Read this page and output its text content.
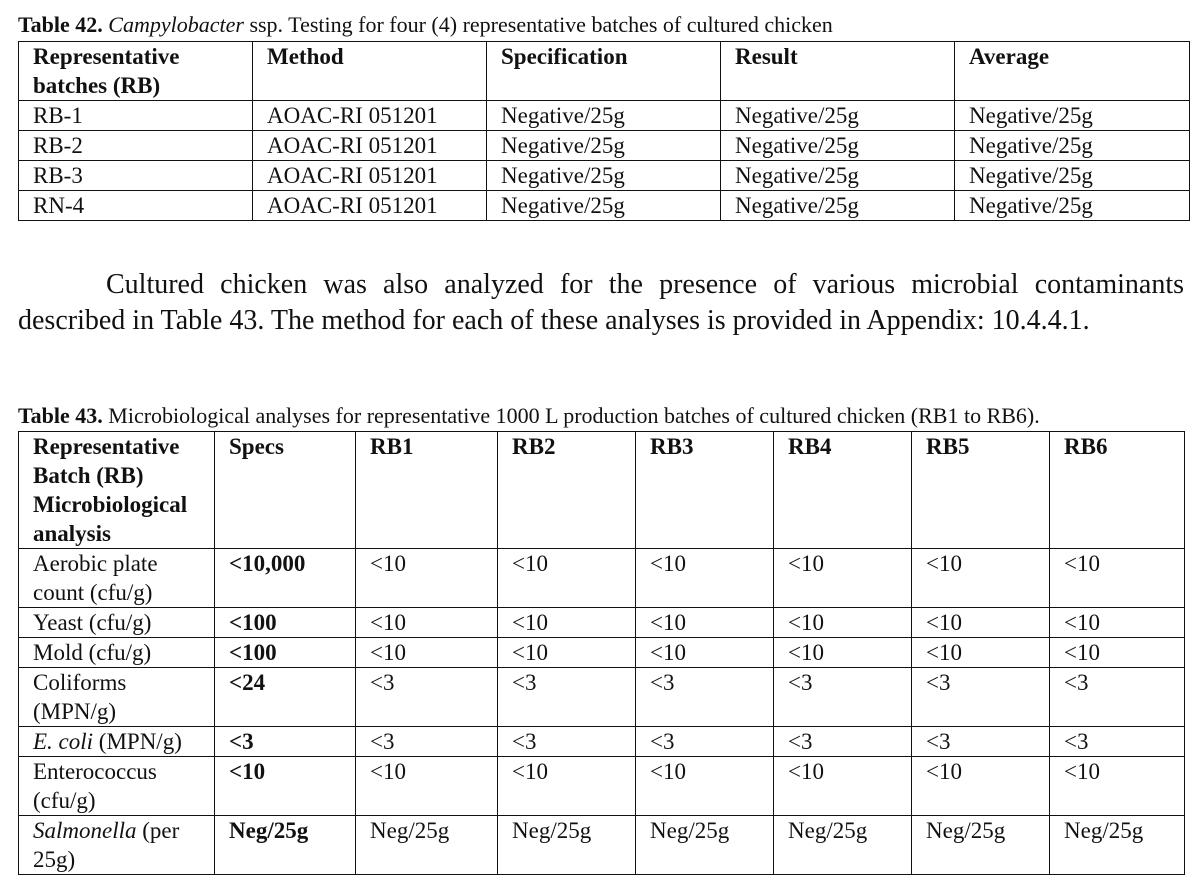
Table 42. Campylobacter ssp. Testing for four (4) representative batches of cultured chicken
Representative batches (RB)	Method	Specification	Result	Average
RB-1	AOAC-RI 051201	Negative/25g	Negative/25g	Negative/25g
RB-2	AOAC-RI 051201	Negative/25g	Negative/25g	Negative/25g
RB-3	AOAC-RI 051201	Negative/25g	Negative/25g	Negative/25g
RN-4	AOAC-RI 051201	Negative/25g	Negative/25g	Negative/25g

Cultured chicken was also analyzed for the presence of various microbial contaminants described in Table 43. The method for each of these analyses is provided in Appendix: 10.4.4.1.

Table 43. Microbiological analyses for representative 1000 L production batches of cultured chicken (RB1 to RB6).
Representative Batch (RB) Microbiological analysis	Specs	RB1	RB2	RB3	RB4	RB5	RB6
Aerobic plate count (cfu/g)	<10,000	<10	<10	<10	<10	<10	<10
Yeast (cfu/g)	<100	<10	<10	<10	<10	<10	<10
Mold (cfu/g)	<100	<10	<10	<10	<10	<10	<10
Coliforms (MPN/g)	<24	<3	<3	<3	<3	<3	<3
E. coli (MPN/g)	<3	<3	<3	<3	<3	<3	<3
Enterococcus (cfu/g)	<10	<10	<10	<10	<10	<10	<10
Salmonella (per 25g)	Neg/25g	Neg/25g	Neg/25g	Neg/25g	Neg/25g	Neg/25g	Neg/25g
